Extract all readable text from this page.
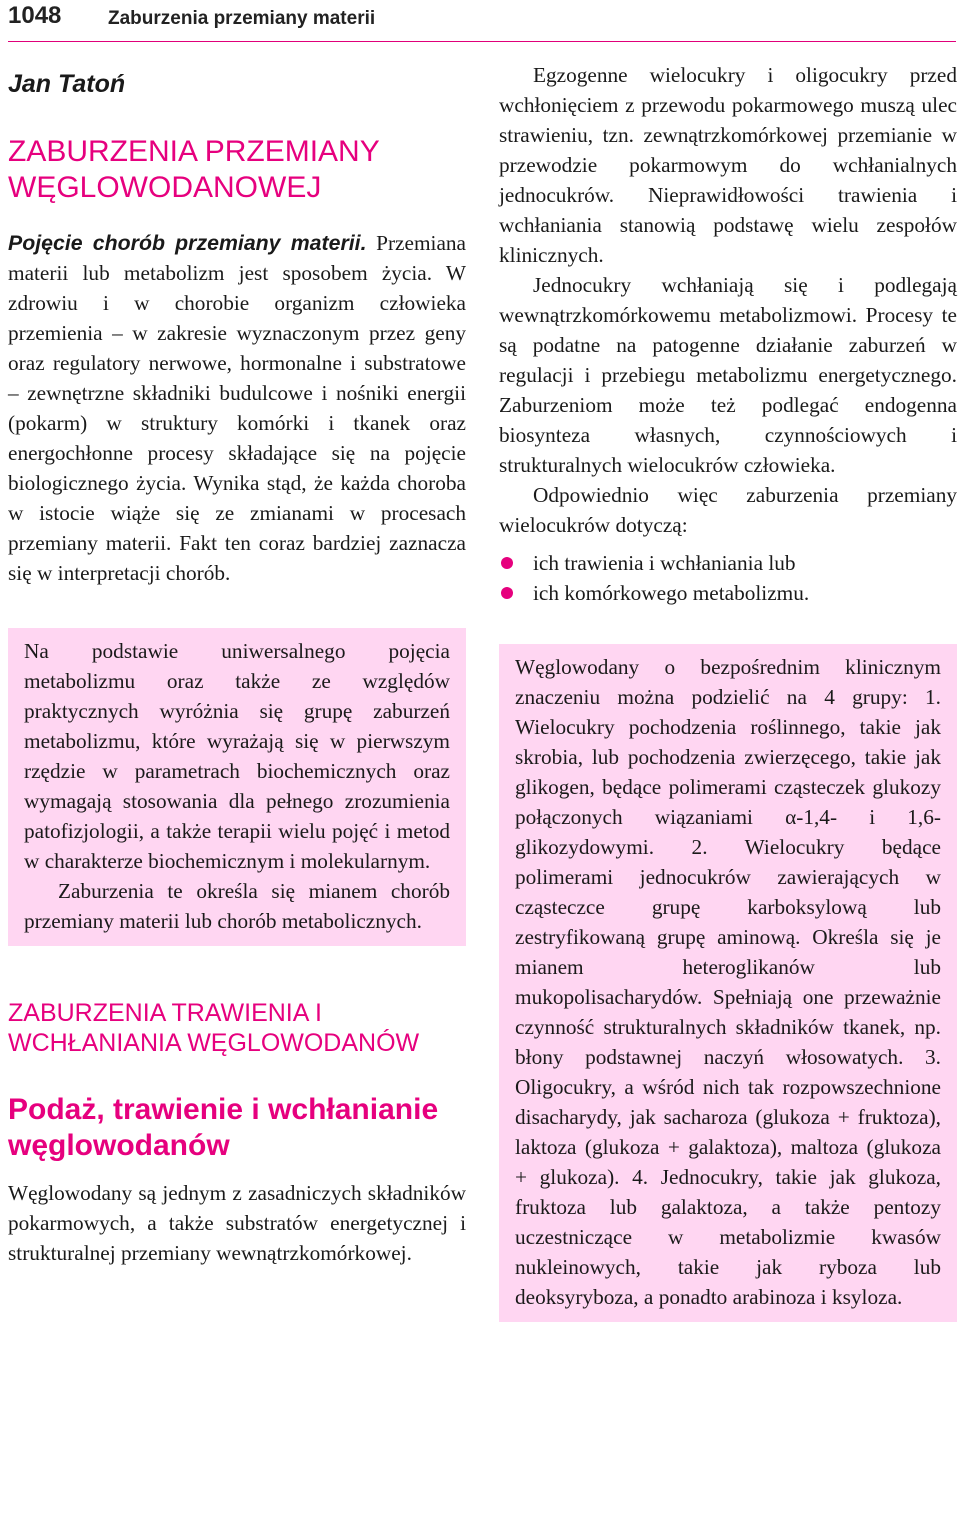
1048 Zaburzenia przemiany materii
Jan Tatoń
ZABURZENIA PRZEMIANY WĘGLOWODANOWEJ

Pojęcie chorób przemiany materii. Przemiana materii lub metabolizm jest sposobem życia. W zdrowiu i w chorobie organizm człowieka przemienia – w zakresie wyznaczonym przez geny oraz regulatory nerwowe, hormonalne i substratowe – zewnętrzne składniki budulcowe i nośniki energii (pokarm) w struktury komórki i tkanek oraz energochłonne procesy składające się na pojęcie biologicznego życia. Wynika stąd, że każda choroba w istocie wiąże się ze zmianami w procesach przemiany materii. Fakt ten coraz bardziej zaznacza się w interpretacji chorób.

Na podstawie uniwersalnego pojęcia metabolizmu oraz także ze względów praktycznych wyróżnia się grupę zaburzeń metabolizmu, które wyrażają się w pierwszym rzędzie w parametrach biochemicznych oraz wymagają stosowania dla pełnego zrozumienia patofizjologii, a także terapii wielu pojęć i metod w charakterze biochemicznym i molekularnym.

Zaburzenia te określa się mianem chorób przemiany materii lub chorób metabolicznych.

ZABURZENIA TRAWIENIA I WCHŁANIANIA WĘGLOWODANÓW
Podaż, trawienie i wchłanianie węglowodanów

Węglowodany są jednym z zasadniczych składników pokarmowych, a także substratów energetycznej i strukturalnej przemiany wewnątrzkomórkowej.

Egzogenne wielocukry i oligocukry przed wchłonięciem z przewodu pokarmowego muszą ulec strawieniu, tzn. zewnątrzkomórkowej przemianie w przewodzie pokarmowym do wchłanialnych jednocukrów. Nieprawidłowości trawienia i wchłaniania stanowią podstawę wielu zespołów klinicznych.

Jednocukry wchłaniają się i podlegają wewnątrzkomórkowemu metabolizmowi. Procesy te są podatne na patogenne działanie zaburzeń w regulacji i przebiegu metabolizmu energetycznego. Zaburzeniom może też podlegać endogenna biosynteza własnych, czynnościowych i strukturalnych wielocukrów człowieka.

Odpowiednio więc zaburzenia przemiany wielocukrów dotyczą:

ich trawienia i wchłaniania lub
ich komórkowego metabolizmu.

Węglowodany o bezpośrednim klinicznym znaczeniu można podzielić na 4 grupy: 1. Wielocukry pochodzenia roślinnego, takie jak skrobia, lub pochodzenia zwierzęcego, takie jak glikogen, będące polimerami cząsteczek glukozy połączonych wiązaniami α-1,4- i 1,6-glikozydowymi. 2. Wielocukry będące polimerami jednocukrów zawierających w cząsteczce grupę karboksylową lub zestryfikowaną grupę aminową. Określa się je mianem heteroglikanów lub mukopolisacharydów. Spełniają one przeważnie czynność strukturalnych składników tkanek, np. błony podstawnej naczyń włosowatych. 3. Oligocukry, a wśród nich tak rozpowszechnione disacharydy, jak sacharoza (glukoza + fruktoza), laktoza (glukoza + galaktoza), maltoza (glukoza + glukoza). 4. Jednocukry, takie jak glukoza, fruktoza lub galaktoza, a także pentozy uczestniczące w metabolizmie kwasów nukleinowych, takie jak ryboza lub deoksyryboza, a ponadto arabinoza i ksyloza.
